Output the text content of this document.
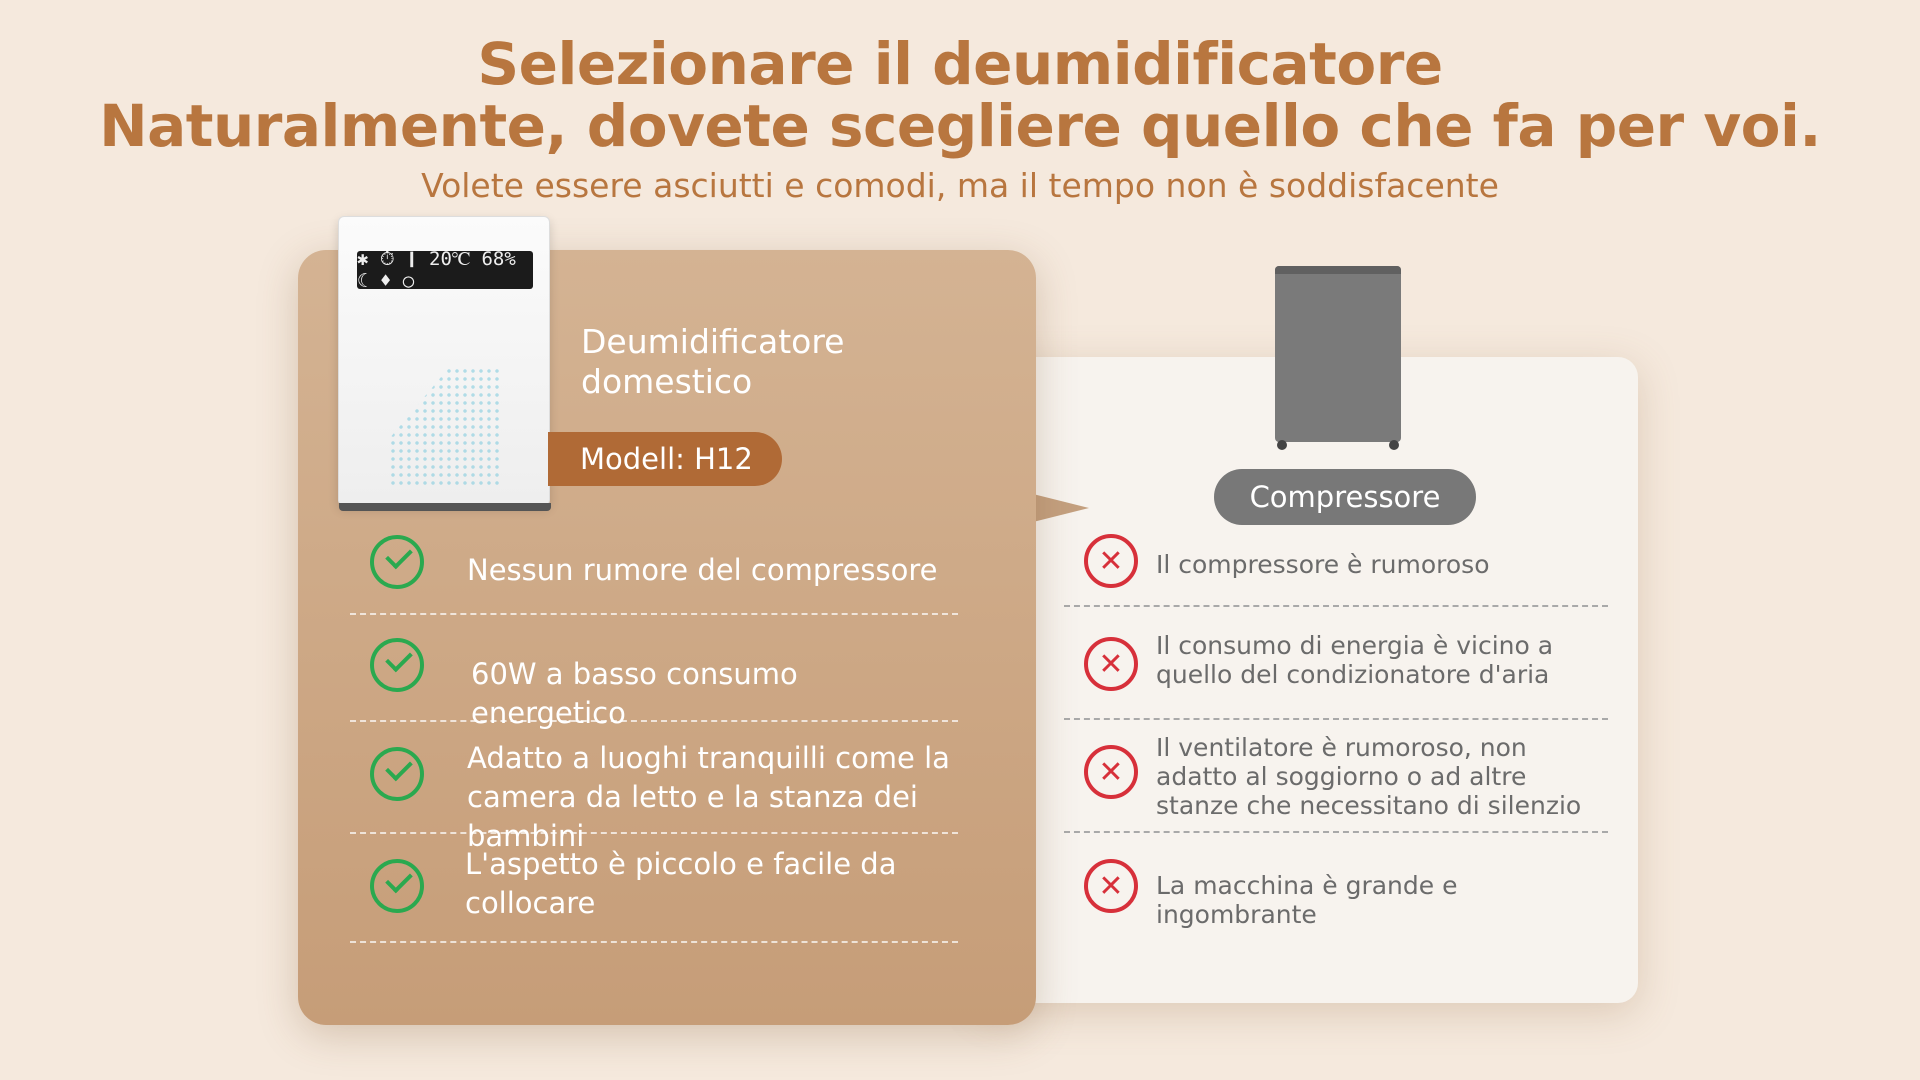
Selezionare il deumidificatore
Naturalmente, dovete scegliere quello che fa per voi.
Volete essere asciutti e comodi, ma il tempo non è soddisfacente
Compressore
✕	Il compressore è rumoroso
✕
Il consumo di energia è vicino a quello del condizionatore d'aria
✕
Il ventilatore è rumoroso, non adatto al soggiorno o ad altre stanze che necessitano di silenzio
✕	La macchina è grande e ingombrante
✱ ⏱ ❙ 20℃ 68% ☾ ♦ ○
Deumidificatore domestico
Modell: H12
Nessun rumore del compressore
60W a basso consumo energetico
Adatto a luoghi tranquilli come la camera da letto e la stanza dei bambini
L'aspetto è piccolo e facile da collocare
